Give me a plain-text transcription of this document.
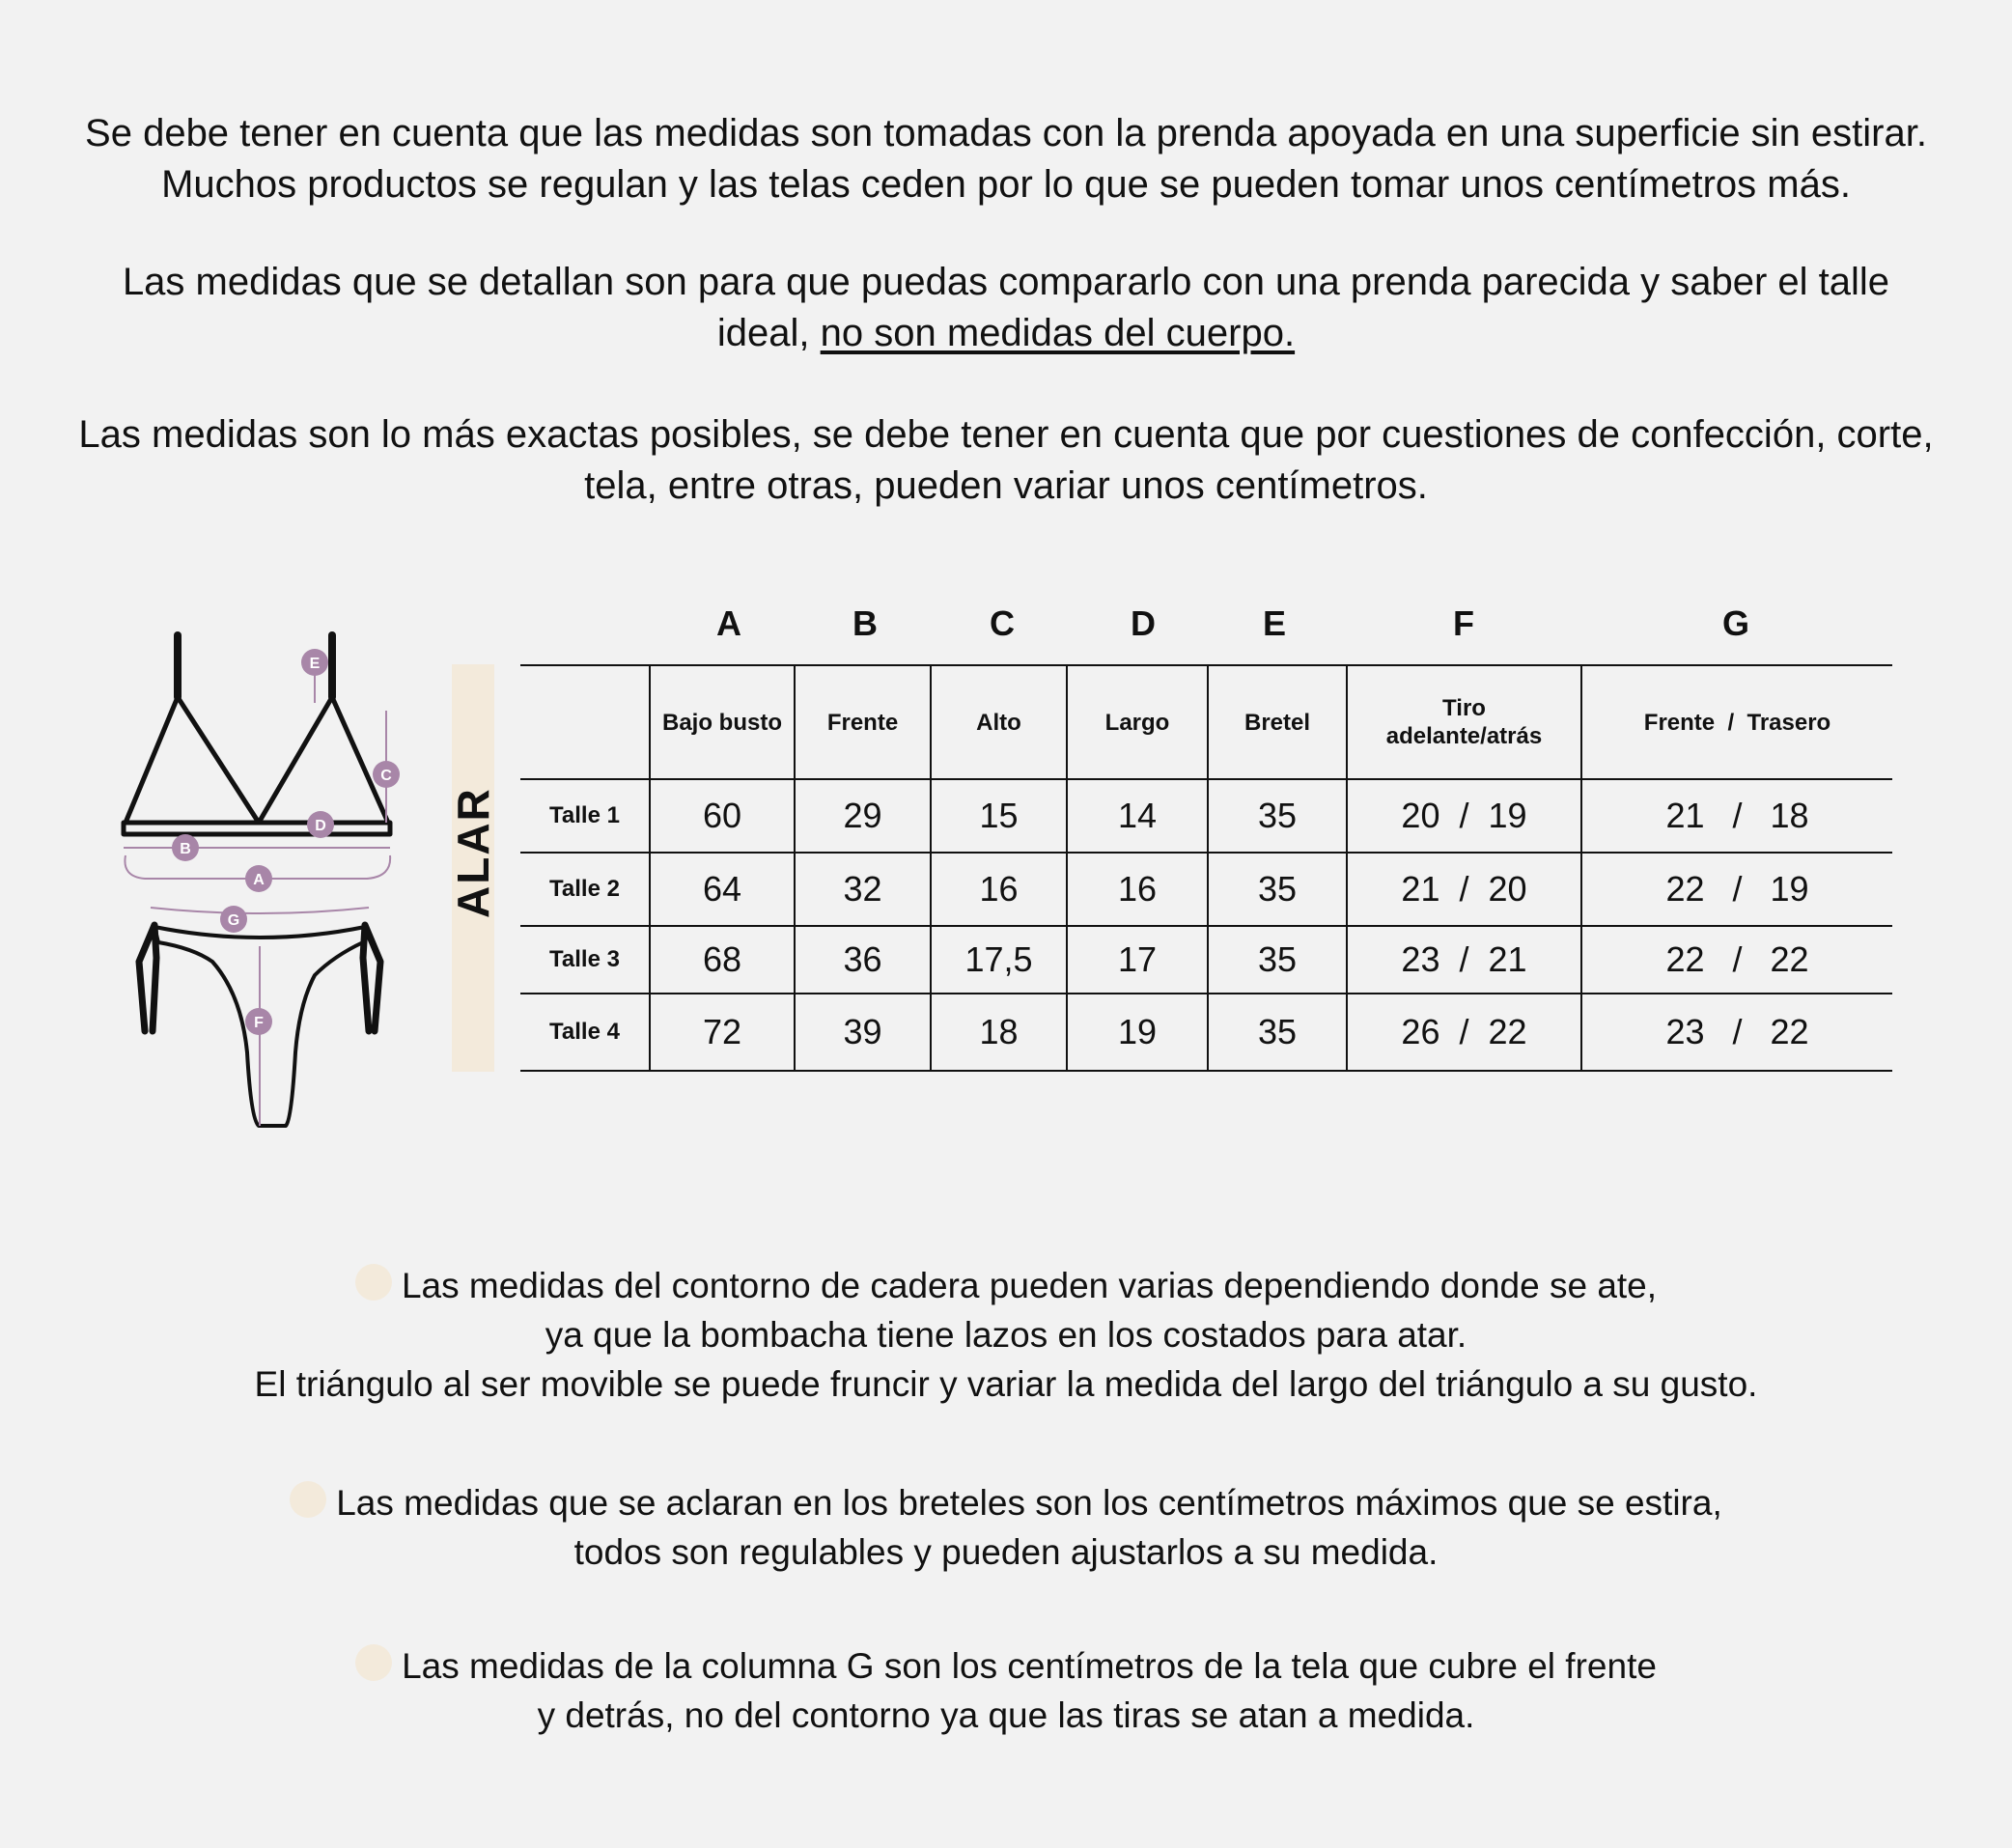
Se debe tener en cuenta que las medidas son tomadas con la prenda apoyada en una superficie sin estirar.

Muchos productos se regulan y las telas ceden por lo que se pueden tomar unos centímetros más.

Las medidas que se detallan son para que puedas compararlo con una prenda parecida y saber el talle

ideal, no son medidas del cuerpo.

Las medidas son lo más exactas posibles, se debe tener en cuenta que por cuestiones de confección, corte,

tela, entre otras, pueden variar unos centímetros.

E
C
D
B
A
G
F
ALAR
A	B	C	D	E	F	G
	Bajo busto	Frente	Alto	Largo	Bretel	Tiro
adelante/atrás	Frente  /  Trasero
Talle 1	60	29	15	14	35	20 / 19	21 / 18
Talle 2	64	32	16	16	35	21 / 20	22 / 19
Talle 3	68	36	17,5	17	35	23 / 21	22 / 22
Talle 4	72	39	18	19	35	26 / 22	23 / 22

Las medidas del contorno de cadera pueden varias dependiendo donde se ate,

ya que la bombacha tiene lazos en los costados para atar.

El triángulo al ser movible se puede fruncir y variar la medida del largo del triángulo a su gusto.

Las medidas que se aclaran en los breteles son los centímetros máximos que se estira,

todos son regulables y pueden ajustarlos a su medida.

Las medidas de la columna G son los centímetros de la tela que cubre el frente

y detrás, no del contorno ya que las tiras se atan a medida.
